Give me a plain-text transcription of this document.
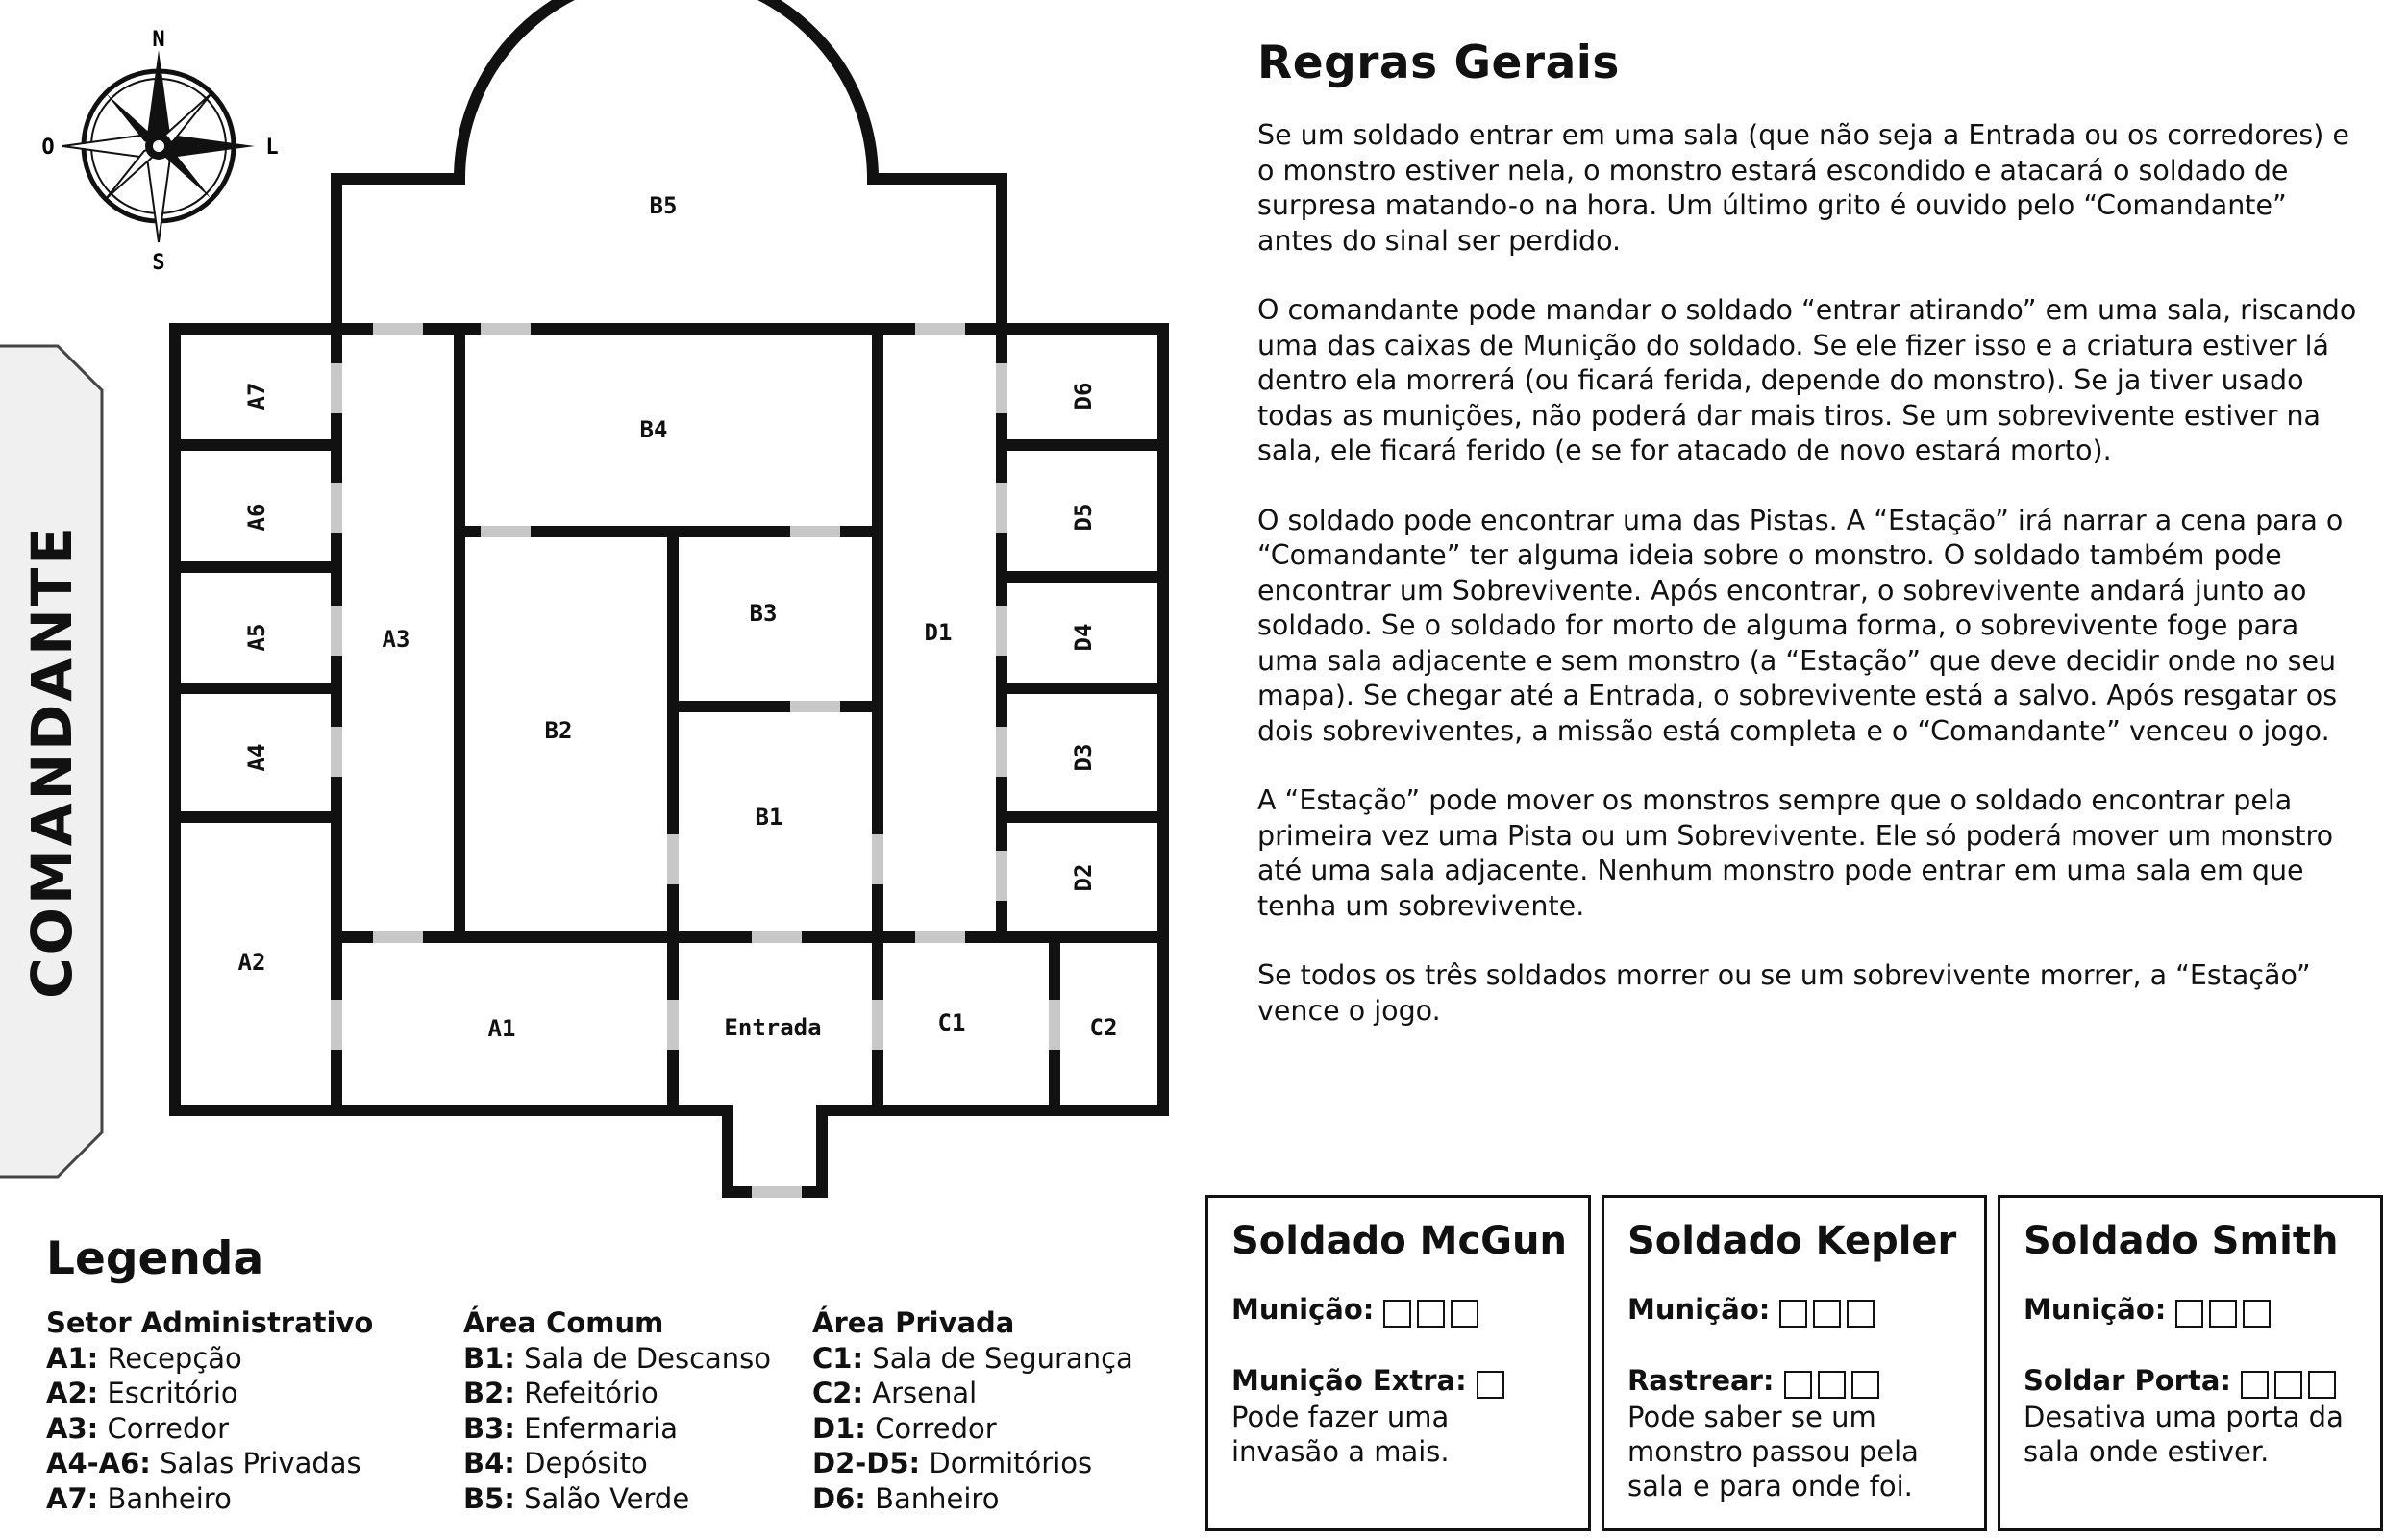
N
S
O	L
B5
B4
B3
B2
B1
A3
A2
A1	Entrada	C1	C2
D1
A7
A6
A5
A4
D6
D5
D4
D3
D2
COMANDANTE
Regras Gerais

Se um soldado entrar em uma sala (que não seja a Entrada ou os corredores) e o monstro estiver nela, o monstro estará escondido e atacará o soldado de surpresa matando-o na hora. Um último grito é ouvido pelo “Comandante” antes do sinal ser perdido.

O comandante pode mandar o soldado “entrar atirando” em uma sala, riscando uma das caixas de Munição do soldado. Se ele fizer isso e a criatura estiver lá dentro ela morrerá (ou ficará ferida, depende do monstro). Se ja tiver usado todas as munições, não poderá dar mais tiros. Se um sobrevivente estiver na sala, ele ficará ferido (e se for atacado de novo estará morto).

O soldado pode encontrar uma das Pistas. A “Estação” irá narrar a cena para o “Comandante” ter alguma ideia sobre o monstro. O soldado também pode encontrar um Sobrevivente. Após encontrar, o sobrevivente andará junto ao soldado. Se o soldado for morto de alguma forma, o sobrevivente foge para uma sala adjacente e sem monstro (a “Estação” que deve decidir onde no seu mapa). Se chegar até a Entrada, o sobrevivente está a salvo. Após resgatar os dois sobreviventes, a missão está completa e o “Comandante” venceu o jogo.

A “Estação” pode mover os monstros sempre que o soldado encontrar pela primeira vez uma Pista ou um Sobrevivente. Ele só poderá mover um monstro até uma sala adjacente. Nenhum monstro pode entrar em uma sala em que tenha um sobrevivente.

Se todos os três soldados morrer ou se um sobrevivente morrer, a “Estação” vence o jogo.

Legenda
Setor Administrativo
A1: Recepção
A2: Escritório
A3: Corredor
A4-A6: Salas Privadas
A7: Banheiro
Área Comum
B1: Sala de Descanso
B2: Refeitório
B3: Enfermaria
B4: Depósito
B5: Salão Verde
Área Privada
C1: Sala de Segurança
C2: Arsenal
D1: Corredor
D2-D5: Dormitórios
D6: Banheiro
Soldado McGun
Munição:
Munição Extra:
Pode fazer uma
invasão a mais.
Soldado Kepler
Munição:
Rastrear:
Pode saber se um
monstro passou pela
sala e para onde foi.
Soldado Smith
Munição:
Soldar Porta:
Desativa uma porta da
sala onde estiver.
